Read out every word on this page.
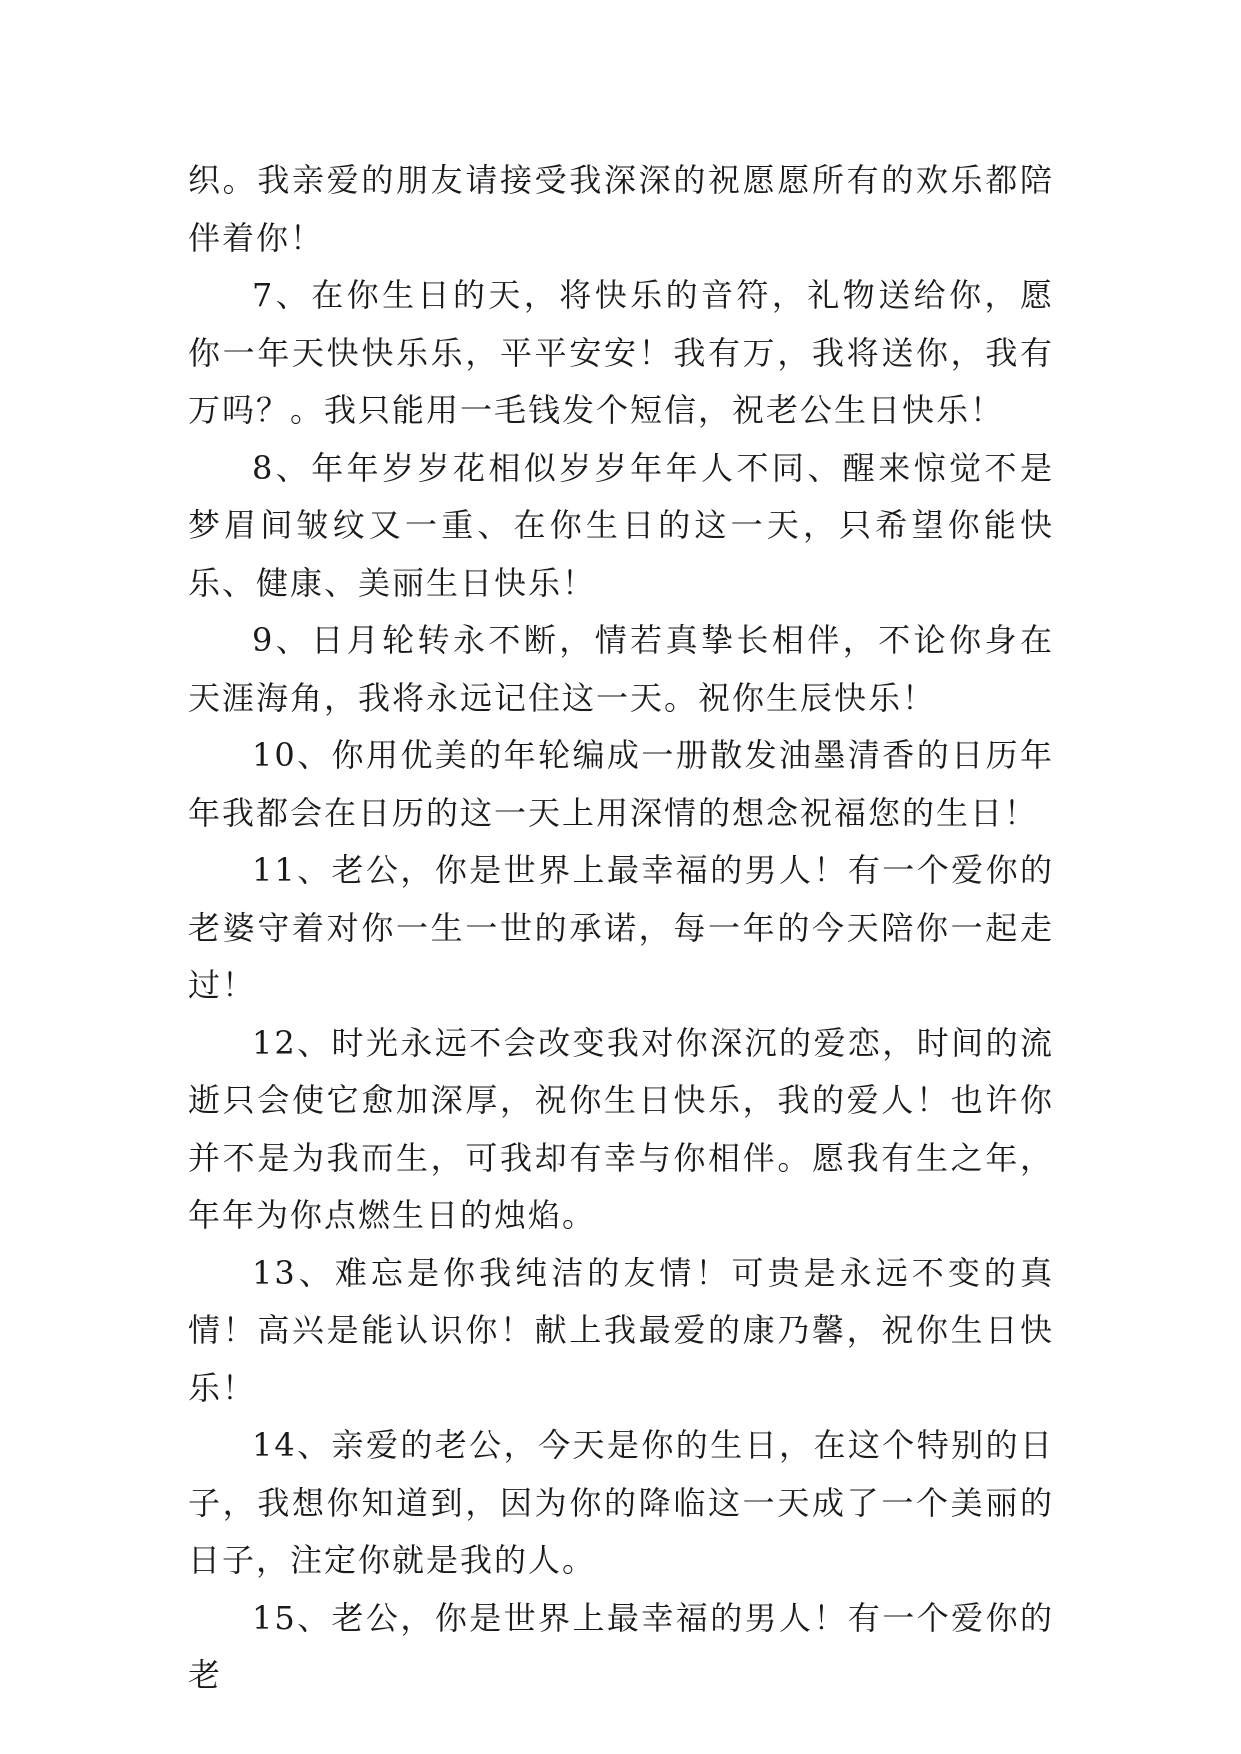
织。我亲爱的朋友请接受我深深的祝愿愿所有的欢乐都陪伴着你！

7、在你生日的天，将快乐的音符，礼物送给你，愿你一年天快快乐乐，平平安安！我有万，我将送你，我有万吗？。我只能用一毛钱发个短信，祝老公生日快乐！

8、年年岁岁花相似岁岁年年人不同、醒来惊觉不是梦眉间皱纹又一重、在你生日的这一天，只希望你能快乐、健康、美丽生日快乐！

9、日月轮转永不断，情若真挚长相伴，不论你身在天涯海角，我将永远记住这一天。祝你生辰快乐！

10、你用优美的年轮编成一册散发油墨清香的日历年年我都会在日历的这一天上用深情的想念祝福您的生日！

11、老公，你是世界上最幸福的男人！有一个爱你的老婆守着对你一生一世的承诺，每一年的今天陪你一起走过！

12、时光永远不会改变我对你深沉的爱恋，时间的流逝只会使它愈加深厚，祝你生日快乐，我的爱人！也许你并不是为我而生，可我却有幸与你相伴。愿我有生之年，年年为你点燃生日的烛焰。

13、难忘是你我纯洁的友情！可贵是永远不变的真情！高兴是能认识你！献上我最爱的康乃馨，祝你生日快乐！

14、亲爱的老公，今天是你的生日，在这个特别的日子，我想你知道到，因为你的降临这一天成了一个美丽的日子，注定你就是我的人。

15、老公，你是世界上最幸福的男人！有一个爱你的老
